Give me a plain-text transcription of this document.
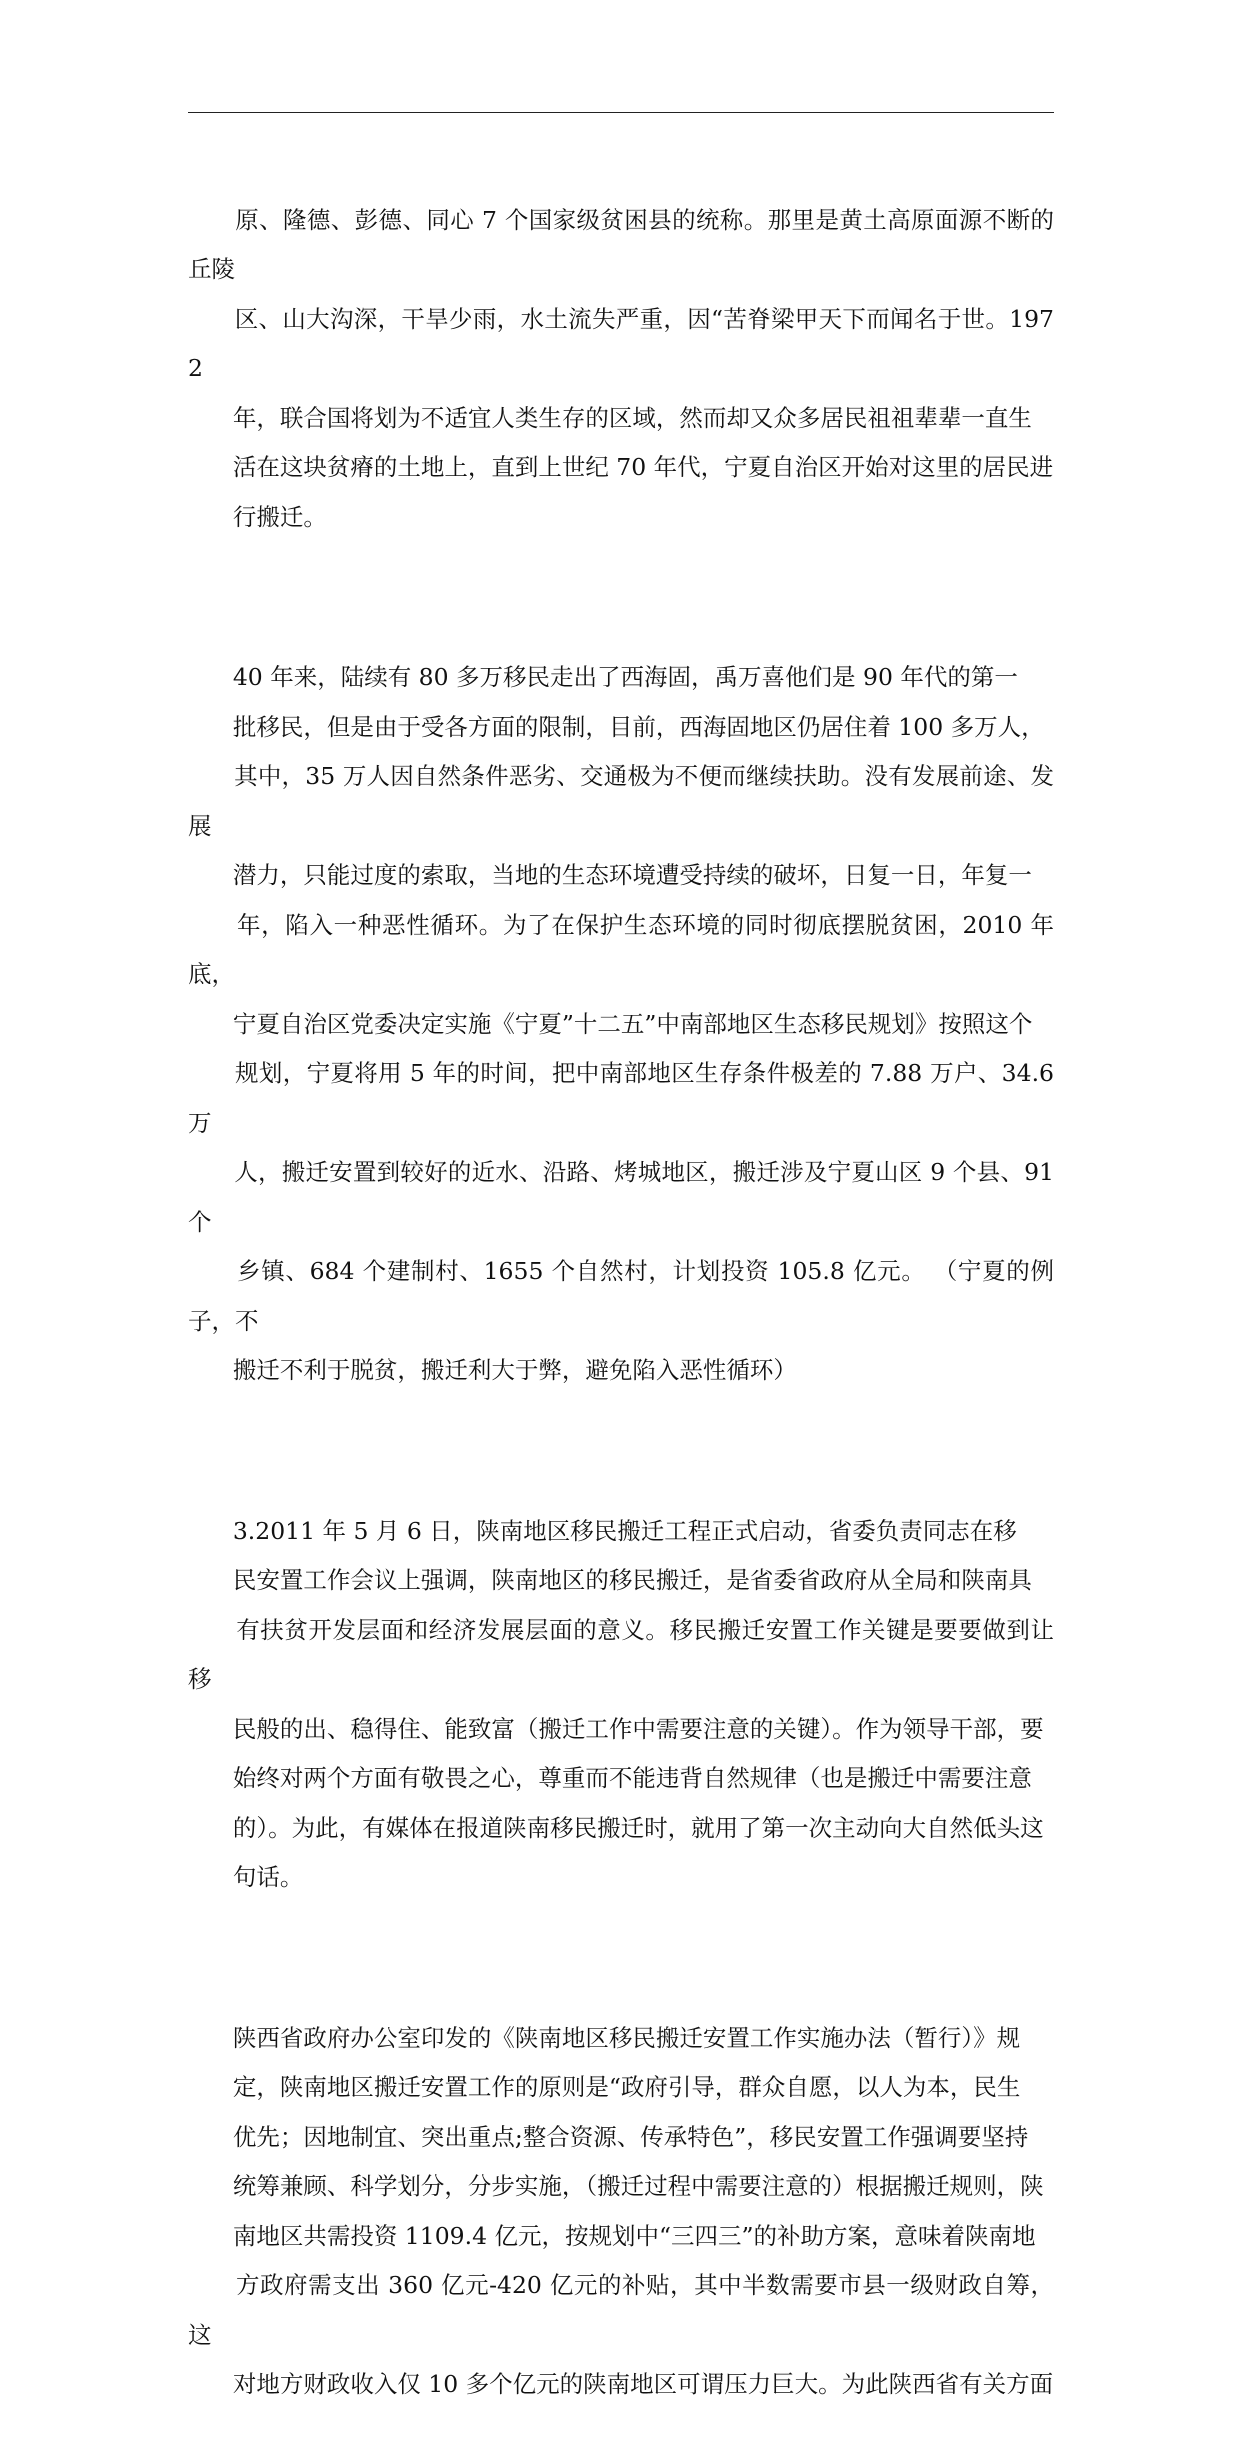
原、隆德、彭德、同心 7 个国家级贫困县的统称。那里是黄土高原面源不断的丘陵
区、山大沟深，干旱少雨，水土流失严重，因“苦脊梁甲天下而闻名于世。1972
年，联合国将划为不适宜人类生存的区域，然而却又众多居民祖祖辈辈一直生
活在这块贫瘠的土地上，直到上世纪 70 年代，宁夏自治区开始对这里的居民进
行搬迁。

40 年来，陆续有 80 多万移民走出了西海固，禹万喜他们是 90 年代的第一
批移民，但是由于受各方面的限制，目前，西海固地区仍居住着 100 多万人，
其中，35 万人因自然条件恶劣、交通极为不便而继续扶助。没有发展前途、发展
潜力，只能过度的索取，当地的生态环境遭受持续的破坏，日复一日，年复一
年，陷入一种恶性循环。为了在保护生态环境的同时彻底摆脱贫困，2010 年底，
宁夏自治区党委决定实施《宁夏”十二五”中南部地区生态移民规划》按照这个
规划，宁夏将用 5 年的时间，把中南部地区生存条件极差的 7.88 万户、34.6 万
人，搬迁安置到较好的近水、沿路、烤城地区，搬迁涉及宁夏山区 9 个县、91 个
乡镇、684 个建制村、1655 个自然村，计划投资 105.8 亿元。 （宁夏的例子，不
搬迁不利于脱贫，搬迁利大于弊，避免陷入恶性循环）

3.2011 年 5 月 6 日，陕南地区移民搬迁工程正式启动，省委负责同志在移
民安置工作会议上强调，陕南地区的移民搬迁，是省委省政府从全局和陕南具
有扶贫开发层面和经济发展层面的意义。移民搬迁安置工作关键是要要做到让移
民般的出、稳得住、能致富（搬迁工作中需要注意的关键）。作为领导干部，要
始终对两个方面有敬畏之心，尊重而不能违背自然规律（也是搬迁中需要注意
的）。为此，有媒体在报道陕南移民搬迁时，就用了第一次主动向大自然低头这
句话。

陕西省政府办公室印发的《陕南地区移民搬迁安置工作实施办法（暂行）》规
定，陕南地区搬迁安置工作的原则是“政府引导，群众自愿，以人为本，民生
优先；因地制宜、突出重点;整合资源、传承特色”，移民安置工作强调要坚持
统筹兼顾、科学划分，分步实施，（搬迁过程中需要注意的）根据搬迁规则，陕
南地区共需投资 1109.4 亿元，按规划中“三四三”的补助方案，意味着陕南地
方政府需支出 360 亿元-420 亿元的补贴，其中半数需要市县一级财政自筹，这
对地方财政收入仅 10 多个亿元的陕南地区可谓压力巨大。为此陕西省有关方面
